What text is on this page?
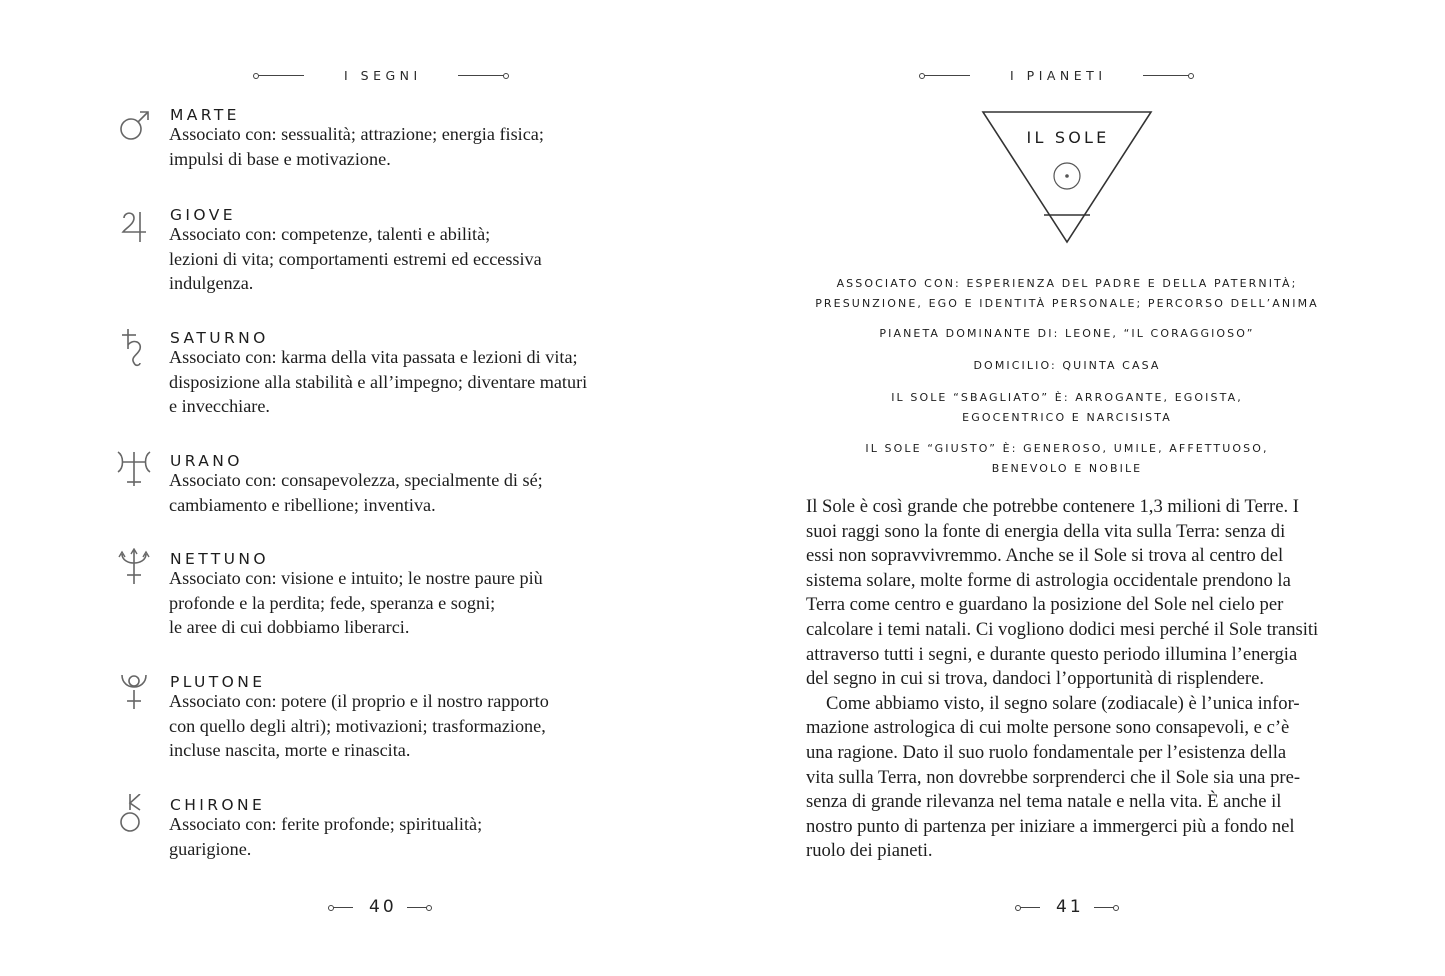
I SEGNI
MARTE
Associato con: sessualità; attrazione; energia fisica;
impulsi di base e motivazione.
GIOVE
Associato con: competenze, talenti e abilità;
lezioni di vita; comportamenti estremi ed eccessiva
indulgenza.
SATURNO
Associato con: karma della vita passata e lezioni di vita;
disposizione alla stabilità e all’impegno; diventare maturi
e invecchiare.
URANO
Associato con: consapevolezza, specialmente di sé;
cambiamento e ribellione; inventiva.
NETTUNO
Associato con: visione e intuito; le nostre paure più
profonde e la perdita; fede, speranza e sogni;
le aree di cui dobbiamo liberarci.
PLUTONE
Associato con: potere (il proprio e il nostro rapporto
con quello degli altri); motivazioni; trasformazione,
incluse nascita, morte e rinascita.
CHIRONE
Associato con: ferite profonde; spiritualità;
guarigione.
40
I PIANETI
IL SOLE
ASSOCIATO CON: ESPERIENZA DEL PADRE E DELLA PATERNITÀ;
PRESUNZIONE, EGO E IDENTITÀ PERSONALE; PERCORSO DELL’ANIMA
PIANETA DOMINANTE DI: LEONE, “IL CORAGGIOSO”
DOMICILIO: QUINTA CASA
IL SOLE “SBAGLIATO” È: ARROGANTE, EGOISTA,
EGOCENTRICO E NARCISISTA
IL SOLE “GIUSTO” È: GENEROSO, UMILE, AFFETTUOSO,
BENEVOLO E NOBILE
Il Sole è così grande che potrebbe contenere 1,3 milioni di Terre. I
suoi raggi sono la fonte di energia della vita sulla Terra: senza di
essi non sopravvivremmo. Anche se il Sole si trova al centro del
sistema solare, molte forme di astrologia occidentale prendono la
Terra come centro e guardano la posizione del Sole nel cielo per
calcolare i temi natali. Ci vogliono dodici mesi perché il Sole transiti
attraverso tutti i segni, e durante questo periodo illumina l’energia
del segno in cui si trova, dandoci l’opportunità di risplendere.
Come abbiamo visto, il segno solare (zodiacale) è l’unica infor-
mazione astrologica di cui molte persone sono consapevoli, e c’è
una ragione. Dato il suo ruolo fondamentale per l’esistenza della
vita sulla Terra, non dovrebbe sorprenderci che il Sole sia una pre-
senza di grande rilevanza nel tema natale e nella vita. È anche il
nostro punto di partenza per iniziare a immergerci più a fondo nel
ruolo dei pianeti.
41
